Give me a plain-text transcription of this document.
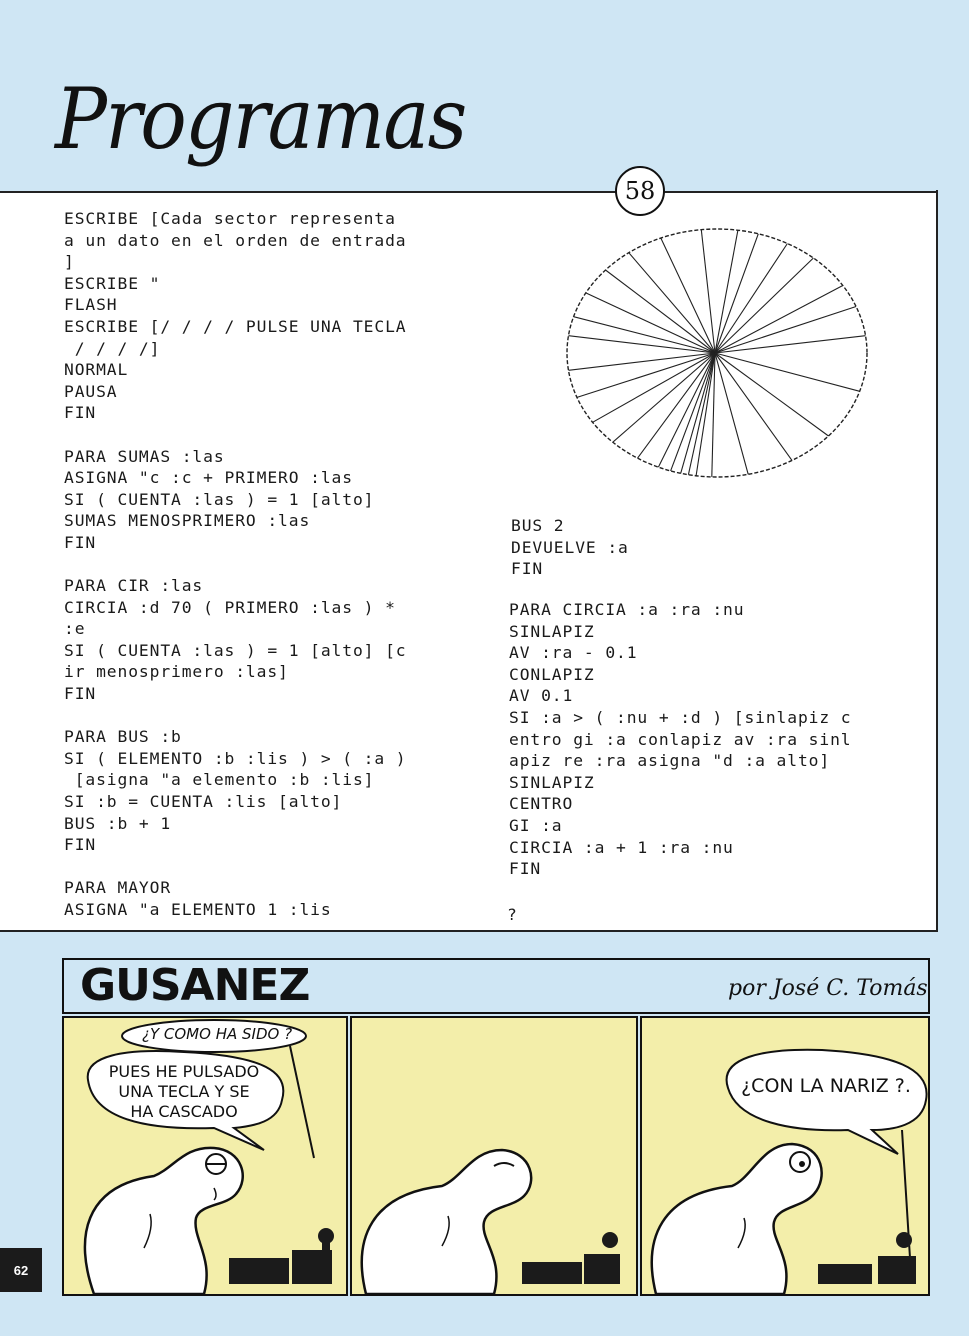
Programas
58
ESCRIBE [Cada sector representa
a un dato en el orden de entrada
]
ESCRIBE "
FLASH
ESCRIBE [/ / / / PULSE UNA TECLA
/ / / /]
NORMAL
PAUSA
FIN
PARA SUMAS :las
ASIGNA "c :c + PRIMERO :las
SI ( CUENTA :las ) = 1 [alto]
SUMAS MENOSPRIMERO :las
FIN
PARA CIR :las
CIRCIA :d 70 ( PRIMERO :las ) *
:e
SI ( CUENTA :las ) = 1 [alto] [c
ir menosprimero :las]
FIN
PARA BUS :b
SI ( ELEMENTO :b :lis ) > ( :a )
[asigna "a elemento :b :lis]
SI :b = CUENTA :lis [alto]
BUS :b + 1
FIN
PARA MAYOR
ASIGNA "a ELEMENTO 1 :lis
BUS 2
DEVUELVE :a
FIN
PARA CIRCIA :a :ra :nu
SINLAPIZ
AV :ra - 0.1
CONLAPIZ
AV 0.1
SI :a > ( :nu + :d ) [sinlapiz c
entro gi :a conlapiz av :ra sinl
apiz re :ra asigna "d :a alto]
SINLAPIZ
CENTRO
GI :a
CIRCIA :a + 1 :ra :nu
FIN
?
GUSANEZ	por José C. Tomás
¿Y COMO HA SIDO ?
PUES HE PULSADO
UNA TECLA Y SE
HA CASCADO
¿CON LA NARIZ ?.
62
